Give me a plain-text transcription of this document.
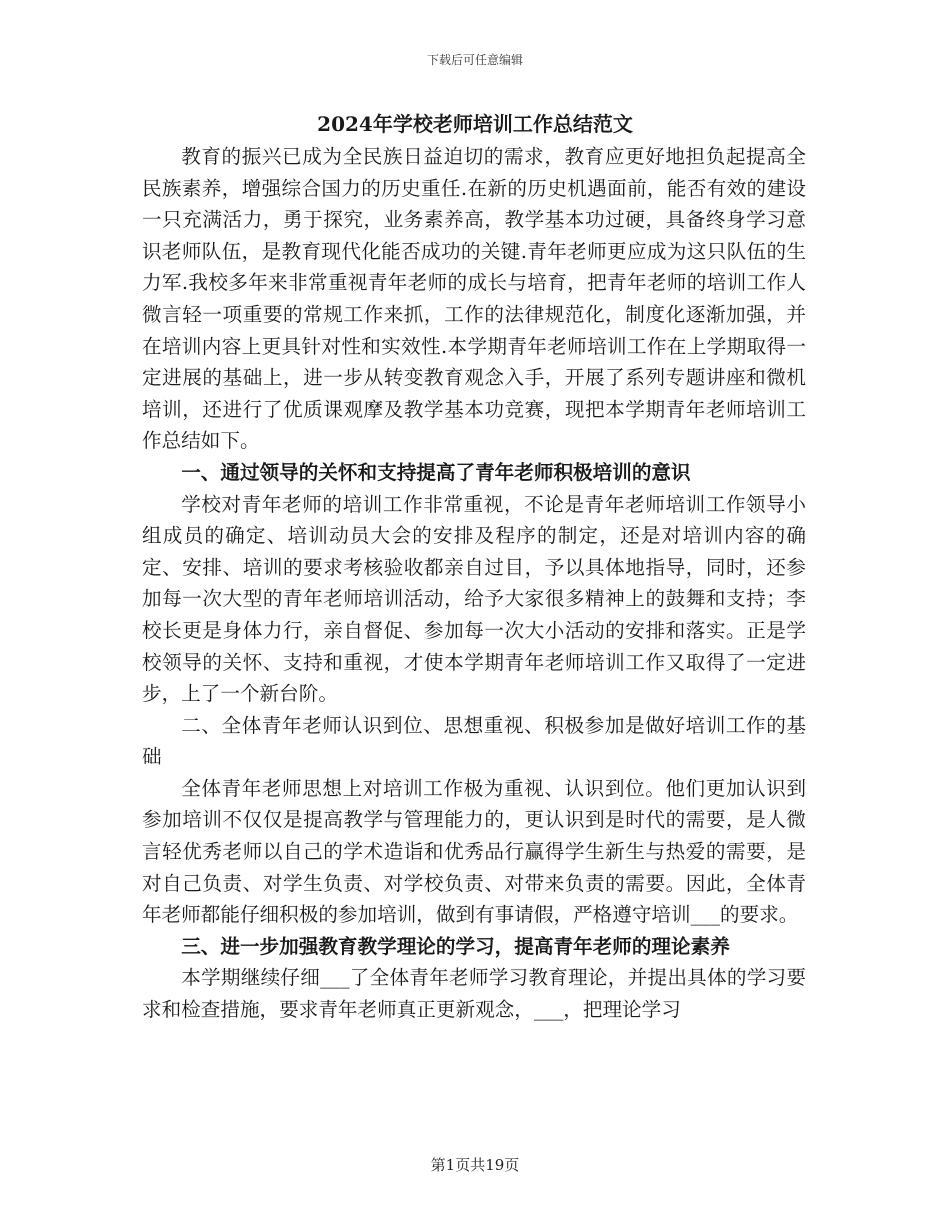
下载后可任意编辑
2024年学校老师培训工作总结范文

教育的振兴已成为全民族日益迫切的需求，教育应更好地担负起提高全民族素养，增强综合国力的历史重任.在新的历史机遇面前，能否有效的建设一只充满活力，勇于探究，业务素养高，教学基本功过硬，具备终身学习意识老师队伍，是教育现代化能否成功的关键.青年老师更应成为这只队伍的生力军.我校多年来非常重视青年老师的成长与培育，把青年老师的培训工作人微言轻一项重要的常规工作来抓，工作的法律规范化，制度化逐渐加强，并在培训内容上更具针对性和实效性.本学期青年老师培训工作在上学期取得一定进展的基础上，进一步从转变教育观念入手，开展了系列专题讲座和微机培训，还进行了优质课观摩及教学基本功竞赛，现把本学期青年老师培训工作总结如下。

一、通过领导的关怀和支持提高了青年老师积极培训的意识

学校对青年老师的培训工作非常重视，不论是青年老师培训工作领导小组成员的确定、培训动员大会的安排及程序的制定，还是对培训内容的确定、安排、培训的要求考核验收都亲自过目，予以具体地指导，同时，还参加每一次大型的青年老师培训活动，给予大家很多精神上的鼓舞和支持；李校长更是身体力行，亲自督促、参加每一次大小活动的安排和落实。正是学校领导的关怀、支持和重视，才使本学期青年老师培训工作又取得了一定进步，上了一个新台阶。

二、全体青年老师认识到位、思想重视、积极参加是做好培训工作的基础

全体青年老师思想上对培训工作极为重视、认识到位。他们更加认识到参加培训不仅仅是提高教学与管理能力的，更认识到是时代的需要，是人微言轻优秀老师以自己的学术造诣和优秀品行赢得学生新生与热爱的需要，是对自己负责、对学生负责、对学校负责、对带来负责的需要。因此，全体青年老师都能仔细积极的参加培训，做到有事请假，严格遵守培训___的要求。

三、进一步加强教育教学理论的学习，提高青年老师的理论素养

本学期继续仔细___了全体青年老师学习教育理论，并提出具体的学习要求和检查措施，要求青年老师真正更新观念，___，把理论学习

第1页共19页
